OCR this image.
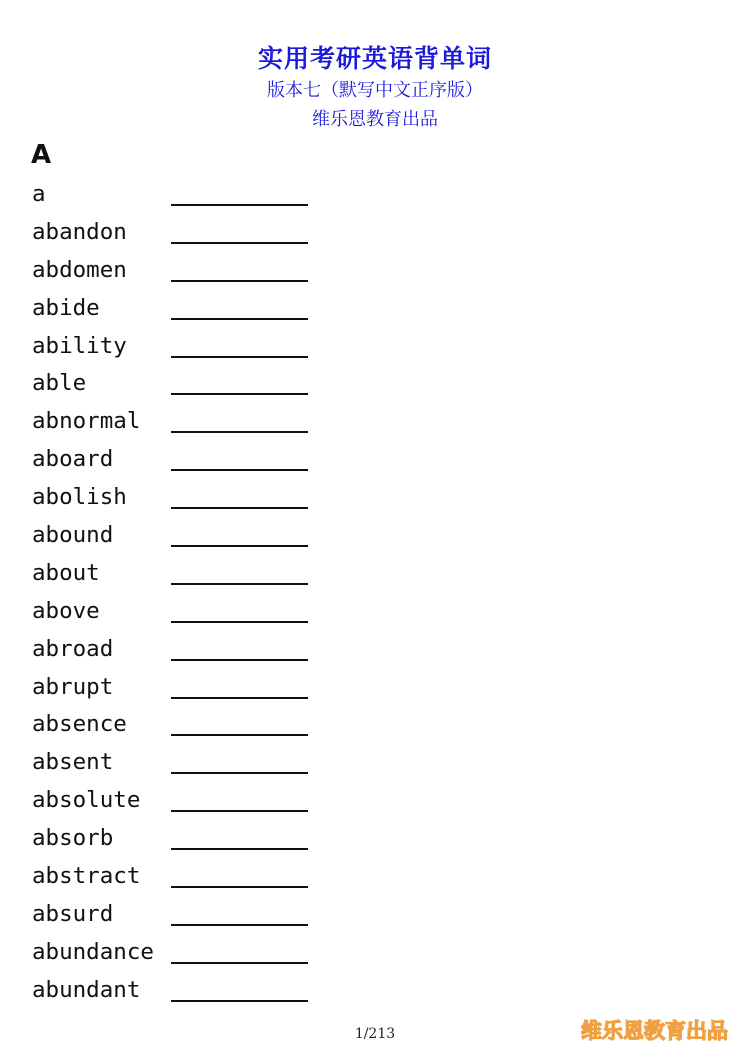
实用考研英语背单词
版本七（默写中文正序版）
维乐恩教育出品
A
a
abandon
abdomen
abide
ability
able
abnormal
aboard
abolish
abound
about
above
abroad
abrupt
absence
absent
absolute
absorb
abstract
absurd
abundance
abundant
1/213	维乐恩教育出品
